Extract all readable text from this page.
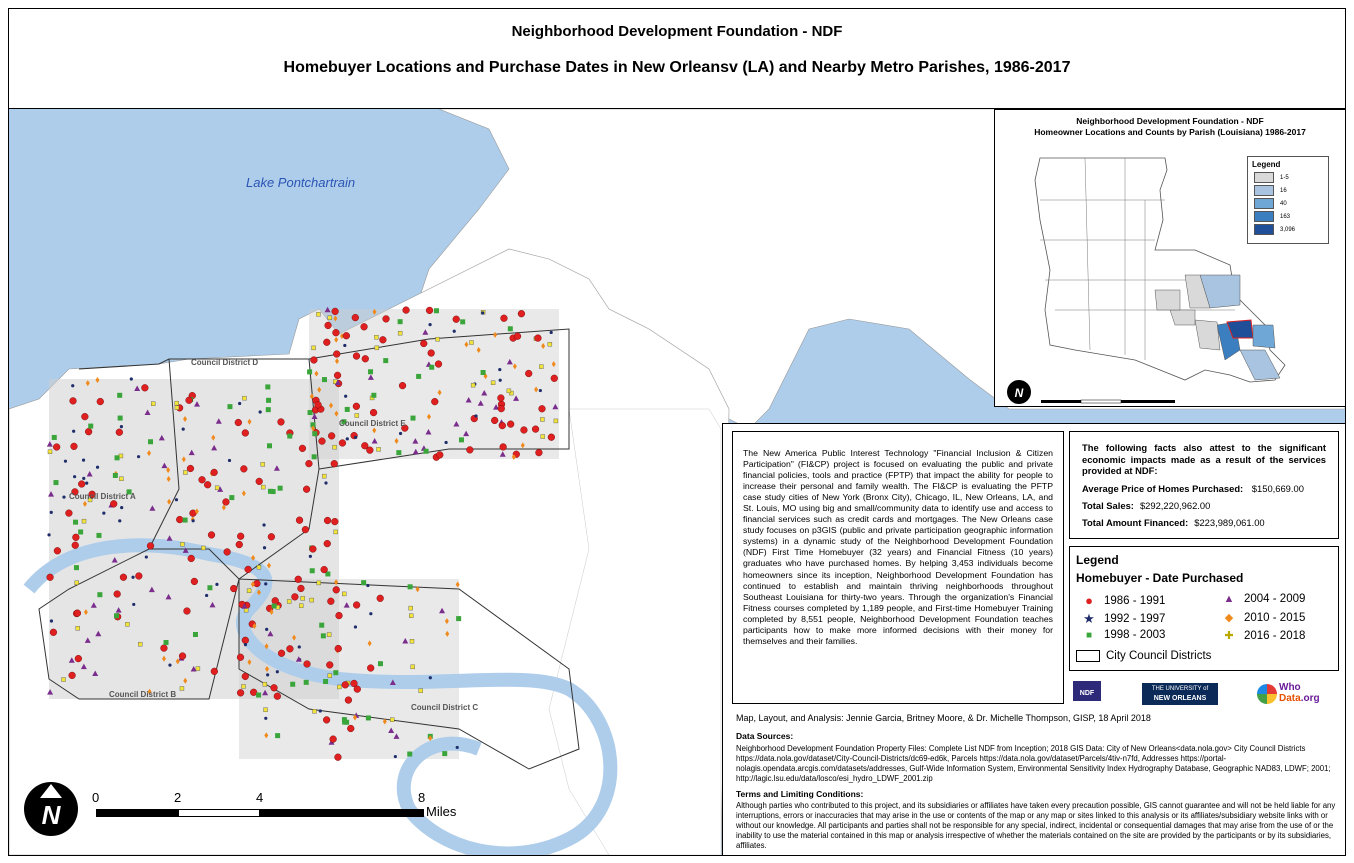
Neighborhood Development Foundation - NDF
Homebuyer Locations and Purchase Dates in New Orleansv (LA) and Nearby Metro Parishes, 1986-2017
Lake Pontchartrain
Council District D
Council District E
Council District A
Council District B
Council District C
Neighborhood Development Foundation - NDF
Homeowner Locations and Counts by Parish (Louisiana) 1986-2017
N
Legend
1-5
16
40
163
3,096
The New America Public Interest Technology "Financial Inclusion & Citizen Participation" (FI&CP) project is focused on evaluating the public and private financial policies, tools and practice (FPTP) that impact the ability for people to increase their personal and family wealth. The FI&CP is evaluating the PFTP case study cities of New York (Bronx City), Chicago, IL, New Orleans, LA, and St. Louis, MO using big and small/community data to identify use and access to financial services such as credit cards and mortgages. The New Orleans case study focuses on p3GIS (public and private participation geographic information systems) in a dynamic study of the Neighborhood Development Foundation (NDF) First Time Homebuyer (32 years) and Financial Fitness (10 years) graduates who have purchased homes. By helping 3,453 individuals become homeowners since its inception, Neighborhood Development Foundation has continued to establish and maintain thriving neighborhoods throughout Southeast Louisiana for thirty-two years. Through the organization's Financial Fitness courses completed by 1,189 people, and First-time Homebuyer Training completed by 8,551 people, Neighborhood Development Foundation teaches participants how to make more informed decisions with their money for themselves and their families.
The following facts also attest to the significant economic impacts made as a result of the services provided at NDF:
Average Price of Homes Purchased: $150,669.00
Total Sales: $292,220,962.00
Total Amount Financed: $223,989,061.00
Legend
Homebuyer - Date Purchased
● 1986 - 1991
★ 1992 - 1997
■	1998 - 2003
▲ 2004 - 2009
◆ 2010 - 2015
✚ 2016 - 2018
City Council Districts
NDF
THE UNIVERSITY of
NEW ORLEANS
Who
Data.org
Map, Layout, and Analysis: Jennie Garcia, Britney Moore, & Dr. Michelle Thompson, GISP, 18 April 2018
Data Sources:
Neighborhood Development Foundation Property Files: Complete List NDF from Inception; 2018 GIS Data: City of New Orleans<data.nola.gov> City Council Districts https://data.nola.gov/dataset/City-Council-Districts/dc69-ed6k, Parcels https://data.nola.gov/dataset/Parcels/4tiv-n7fd, Addresses https://portal-nolagis.opendata.arcgis.com/datasets/addresses, Gulf-Wide Information System, Environmental Sensitivity Index Hydrography Database, Geographic NAD83, LDWF; 2001; http://lagic.lsu.edu/data/losco/esi_hydro_LDWF_2001.zip
Terms and Limiting Conditions:
Although parties who contributed to this project, and its subsidiaries or affiliates have taken every precaution possible, GIS cannot guarantee and will not be held liable for any interruptions, errors or inaccuracies that may arise in the use or contents of the map or any map or sites linked to this analysis or its affiliates/subsidiary website links with or without our knowledge. All participants and parties shall not be responsible for any special, indirect, incidental or consequential damages that may arise from the use of or the inability to use the material contained in this map or analysis irrespective of whether the materials contained on the site are provided by the participants or by its subsidiaries, affiliates.
N
0	2	4	8
Miles
